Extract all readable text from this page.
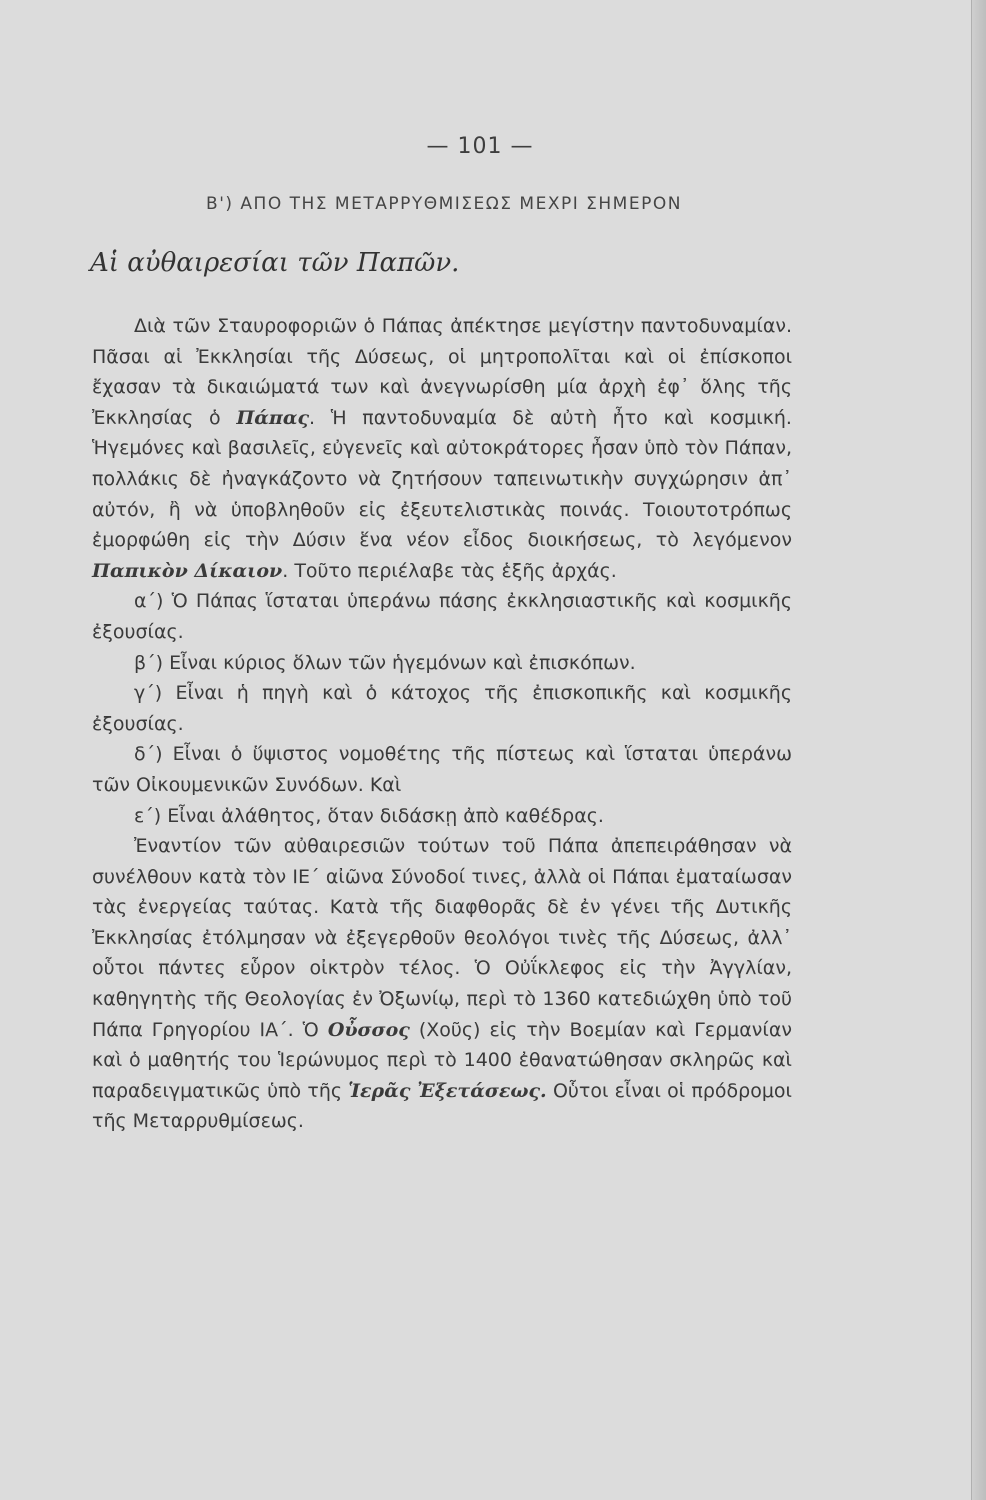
— 101 —
Β') ΑΠΟ ΤΗΣ ΜΕΤΑΡΡΥΘΜΙΣΕΩΣ ΜΕΧΡΙ ΣΗΜΕΡΟΝ
Αἱ αὐθαιρεσίαι τῶν Παπῶν.

Διὰ τῶν Σταυροφοριῶν ὁ Πάπας ἀπέκτησε μεγίστην παντοδυναμίαν. Πᾶσαι αἱ Ἐκκλησίαι τῆς Δύσεως, οἱ μητροπολῖται καὶ οἱ ἐπίσκοποι ἔχασαν τὰ δικαιώματά των καὶ ἀνεγνωρίσθη μία ἀρχὴ ἐφ᾽ ὅλης τῆς Ἐκκλησίας ὁ Πάπας. Ἡ παντοδυναμία δὲ αὐτὴ ἦτο καὶ κοσμική. Ἡγεμόνες καὶ βασιλεῖς, εὐγενεῖς καὶ αὐτοκράτορες ἦσαν ὑπὸ τὸν Πάπαν, πολλάκις δὲ ἠναγκάζοντο νὰ ζητήσουν ταπεινωτικὴν συγχώρησιν ἀπ᾽ αὐτόν, ἢ νὰ ὑποβληθοῦν εἰς ἐξευτελιστικὰς ποινάς. Τοιουτοτρόπως ἐμορφώθη εἰς τὴν Δύσιν ἕνα νέον εἶδος διοικήσεως, τὸ λεγόμενον Παπικὸν Δίκαιον. Τοῦτο περιέλαβε τὰς ἑξῆς ἀρχάς.

α΄) Ὁ Πάπας ἵσταται ὑπεράνω πάσης ἐκκλησιαστικῆς καὶ κοσμικῆς ἐξουσίας.

β΄) Εἶναι κύριος ὅλων τῶν ἡγεμόνων καὶ ἐπισκόπων.

γ΄) Εἶναι ἡ πηγὴ καὶ ὁ κάτοχος τῆς ἐπισκοπικῆς καὶ κοσμικῆς ἐξουσίας.

δ΄) Εἶναι ὁ ὕψιστος νομοθέτης τῆς πίστεως καὶ ἵσταται ὑπεράνω τῶν Οἰκουμενικῶν Συνόδων. Καὶ

ε΄) Εἶναι ἀλάθητος, ὅταν διδάσκῃ ἀπὸ καθέδρας.

Ἐναντίον τῶν αὐθαιρεσιῶν τούτων τοῦ Πάπα ἀπεπειράθησαν νὰ συνέλθουν κατὰ τὸν ΙΕ΄ αἰῶνα Σύνοδοί τινες, ἀλλὰ οἱ Πάπαι ἐματαίωσαν τὰς ἐνεργείας ταύτας. Κατὰ τῆς διαφθορᾶς δὲ ἐν γένει τῆς Δυτικῆς Ἐκκλησίας ἐτόλμησαν νὰ ἐξεγερθοῦν θεολόγοι τινὲς τῆς Δύσεως, ἀλλ᾽ οὗτοι πάντες εὗρον οἰκτρὸν τέλος. Ὁ Οὐΐκλεφος εἰς τὴν Ἀγγλίαν, καθηγητὴς τῆς Θεολογίας ἐν Ὀξωνίῳ, περὶ τὸ 1360 κατεδιώχθη ὑπὸ τοῦ Πάπα Γρηγορίου ΙΑ΄. Ὁ Οὖσσος (Χοῦς) εἰς τὴν Βοεμίαν καὶ Γερμανίαν καὶ ὁ μαθητής του Ἱερώνυμος περὶ τὸ 1400 ἐθανατώθησαν σκληρῶς καὶ παραδειγματικῶς ὑπὸ τῆς Ἱερᾶς Ἐξετάσεως. Οὗτοι εἶναι οἱ πρόδρομοι τῆς Μεταρρυθμίσεως.
